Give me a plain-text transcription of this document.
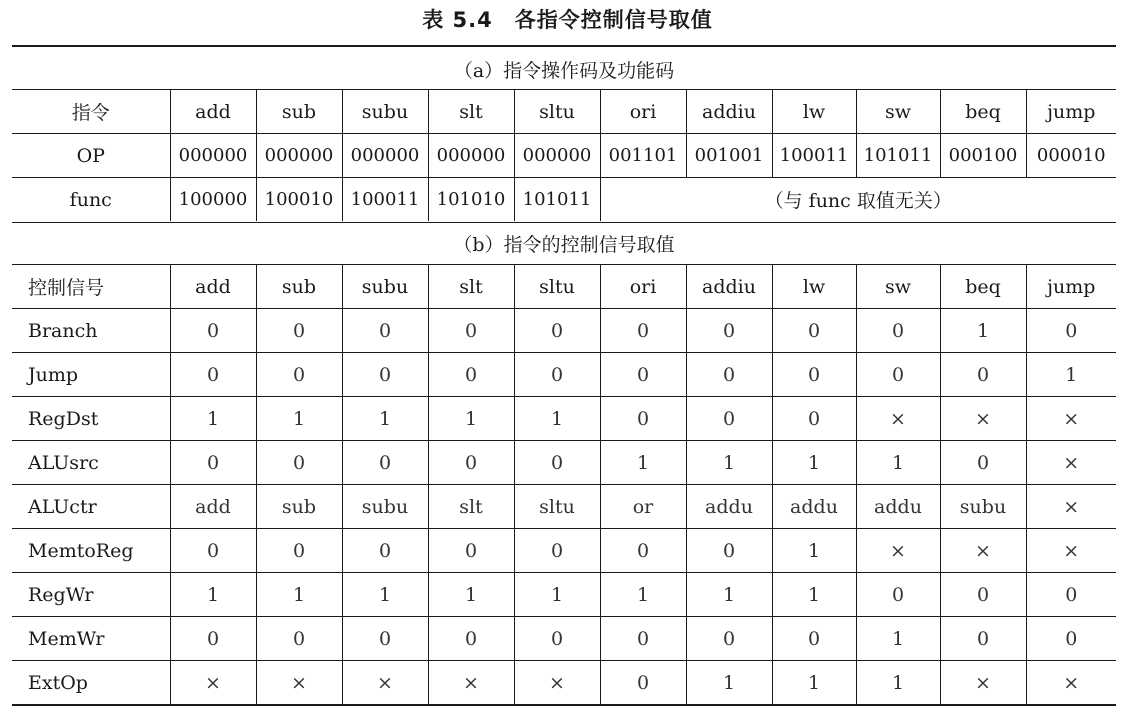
表 5.4 各指令控制信号取值
（a）指令操作码及功能码
指令	add	sub	subu	slt	sltu	ori	addiu	lw	sw	beq	jump
OP	000000	000000	000000	000000	000000	001101	001001	100011	101011	000100	000010
func	100000	100010	100011	101010	101011	（与 func 取值无关）					
（b）指令的控制信号取值
控制信号	add	sub	subu	slt	sltu	ori	addiu	lw	sw	beq	jump
Branch	0	0	0	0	0	0	0	0	0	1	0
Jump	0	0	0	0	0	0	0	0	0	0	1
RegDst	1	1	1	1	1	0	0	0	×	×	×
ALUsrc	0	0	0	0	0	1	1	1	1	0	×
ALUctr	add	sub	subu	slt	sltu	or	addu	addu	addu	subu	×
MemtoReg	0	0	0	0	0	0	0	1	×	×	×
RegWr	1	1	1	1	1	1	1	1	0	0	0
MemWr	0	0	0	0	0	0	0	0	1	0	0
ExtOp	×	×	×	×	×	0	1	1	1	×	×
